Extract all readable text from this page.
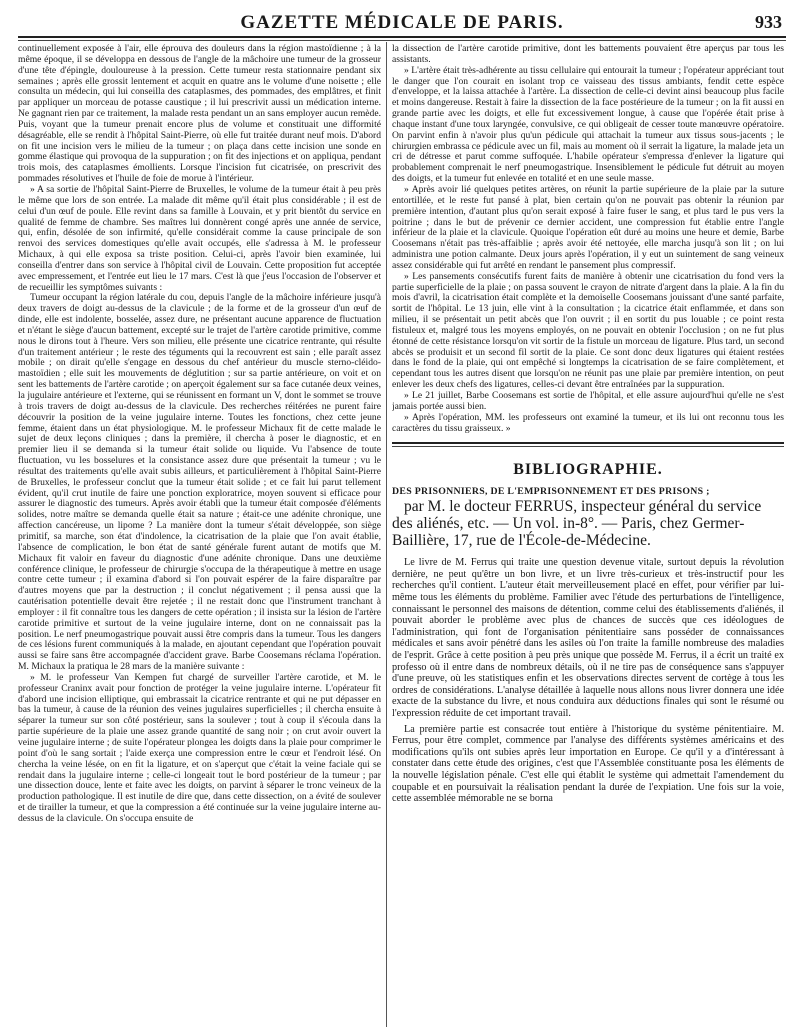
GAZETTE MÉDICALE DE PARIS.	933

continuellement exposée à l'air, elle éprouva des douleurs dans la région mastoïdienne ; à la même époque, il se développa en dessous de l'angle de la mâchoire une tumeur de la grosseur d'une tête d'épingle, douloureuse à la pression. Cette tumeur resta stationnaire pendant six semaines ; après elle grossit lentement et acquit en quatre ans le volume d'une noisette ; elle consulta un médecin, qui lui conseilla des cataplasmes, des pommades, des emplâtres, et finit par appliquer un morceau de potasse caustique ; il lui prescrivit aussi un médication interne. Ne gagnant rien par ce traitement, la malade resta pendant un an sans employer aucun remède. Puis, voyant que la tumeur prenait encore plus de volume et constituait une difformité désagréable, elle se rendit à l'hôpital Saint-Pierre, où elle fut traitée durant neuf mois. D'abord on fit une incision vers le milieu de la tumeur ; on plaça dans cette incision une sonde en gomme élastique qui provoqua de la suppuration ; on fit des injections et on appliqua, pendant trois mois, des cataplasmes émollients. Lorsque l'incision fut cicatrisée, on prescrivit des pommades résolutives et l'huile de foie de morue à l'intérieur.

» A sa sortie de l'hôpital Saint-Pierre de Bruxelles, le volume de la tumeur était à peu près le même que lors de son entrée. La malade dit même qu'il était plus considérable ; il est de celui d'un œuf de poule. Elle revint dans sa famille à Louvain, et y prit bientôt du service en qualité de femme de chambre. Ses maîtres lui donnèrent congé après une année de service, qui, enfin, désolée de son infirmité, qu'elle considérait comme la cause principale de son renvoi des services domestiques qu'elle avait occupés, elle s'adressa à M. le professeur Michaux, à qui elle exposa sa triste position. Celui-ci, après l'avoir bien examinée, lui conseilla d'entrer dans son service à l'hôpital civil de Louvain. Cette proposition fut acceptée avec empressement, et l'entrée eut lieu le 17 mars. C'est là que j'eus l'occasion de l'observer et de recueillir les symptômes suivants :

Tumeur occupant la région latérale du cou, depuis l'angle de la mâchoire inférieure jusqu'à deux travers de doigt au-dessus de la clavicule ; de la forme et de la grosseur d'un œuf de dinde, elle est indolente, bosselée, assez dure, ne présentant aucune apparence de fluctuation et n'étant le siège d'aucun battement, excepté sur le trajet de l'artère carotide primitive, comme nous le dirons tout à l'heure. Vers son milieu, elle présente une cicatrice rentrante, qui résulte d'un traitement antérieur ; le reste des téguments qui la recouvrent est sain ; elle paraît assez mobile ; on dirait qu'elle s'engage en dessous du chef antérieur du muscle sterno-cléido-mastoïdien ; elle suit les mouvements de déglutition ; sur sa partie antérieure, on voit et on sent les battements de l'artère carotide ; on aperçoit également sur sa face cutanée deux veines, la jugulaire antérieure et l'externe, qui se réunissent en formant un V, dont le sommet se trouve à trois travers de doigt au-dessus de la clavicule. Des recherches réitérées ne purent faire découvrir la position de la veine jugulaire interne. Toutes les fonctions, chez cette jeune femme, étaient dans un état physiologique. M. le professeur Michaux fit de cette malade le sujet de deux leçons cliniques ; dans la première, il chercha à poser le diagnostic, et en premier lieu il se demanda si la tumeur était solide ou liquide. Vu l'absence de toute fluctuation, vu les bosselures et la consistance assez dure que présentait la tumeur ; vu le résultat des traitements qu'elle avait subis ailleurs, et particulièrement à l'hôpital Saint-Pierre de Bruxelles, le professeur conclut que la tumeur était solide ; et ce fait lui parut tellement évident, qu'il crut inutile de faire une ponction exploratrice, moyen souvent si efficace pour assurer le diagnostic des tumeurs. Après avoir établi que la tumeur était composée d'éléments solides, notre maître se demanda quelle était sa nature ; était-ce une adénite chronique, une affection cancéreuse, un lipome ? La manière dont la tumeur s'était développée, son siège primitif, sa marche, son état d'indolence, la cicatrisation de la plaie que l'on avait établie, l'absence de complication, le bon état de santé générale furent autant de motifs que M. Michaux fit valoir en faveur du diagnostic d'une adénite chronique. Dans une deuxième conférence clinique, le professeur de chirurgie s'occupa de la thérapeutique à mettre en usage contre cette tumeur ; il examina d'abord si l'on pouvait espérer de la faire disparaître par d'autres moyens que par la destruction ; il conclut négativement ; il pensa aussi que la cautérisation potentielle devait être rejetée ; il ne restait donc que l'instrument tranchant à employer : il fit connaître tous les dangers de cette opération ; il insista sur la lésion de l'artère carotide primitive et surtout de la veine jugulaire interne, dont on ne connaissait pas la position. Le nerf pneumogastrique pouvait aussi être compris dans la tumeur. Tous les dangers de ces lésions furent communiqués à la malade, en ajoutant cependant que l'opération pouvait aussi se faire sans être accompagnée d'accident grave. Barbe Coosemans réclama l'opération. M. Michaux la pratiqua le 28 mars de la manière suivante :

» M. le professeur Van Kempen fut chargé de surveiller l'artère carotide, et M. le professeur Craninx avait pour fonction de protéger la veine jugulaire interne. L'opérateur fit d'abord une incision elliptique, qui embrassait la cicatrice rentrante et qui ne put dépasser en bas la tumeur, à cause de la réunion des veines jugulaires superficielles ; il chercha ensuite à séparer la tumeur sur son côté postérieur, sans la soulever ; tout à coup il s'écoula dans la partie supérieure de la plaie une assez grande quantité de sang noir ; on crut avoir ouvert la veine jugulaire interne ; de suite l'opérateur plongea les doigts dans la plaie pour comprimer le point d'où le sang sortait ; l'aide exerça une compression entre le cœur et l'endroit lésé. On chercha la veine lésée, on en fit la ligature, et on s'aperçut que c'était la veine faciale qui se rendait dans la jugulaire interne ; celle-ci longeait tout le bord postérieur de la tumeur ; par une dissection douce, lente et faite avec les doigts, on parvint à séparer le tronc veineux de la production pathologique. Il est inutile de dire que, dans cette dissection, on a évité de soulever et de tirailler la tumeur, et que la compression a été continuée sur la veine jugulaire interne au-dessus de la clavicule. On s'occupa ensuite de

la dissection de l'artère carotide primitive, dont les battements pouvaient être aperçus par tous les assistants.

» L'artère était très-adhérente au tissu cellulaire qui entourait la tumeur ; l'opérateur appréciant tout le danger que l'on courait en isolant trop ce vaisseau des tissus ambiants, fendit cette espèce d'enveloppe, et la laissa attachée à l'artère. La dissection de celle-ci devint ainsi beaucoup plus facile et moins dangereuse. Restait à faire la dissection de la face postérieure de la tumeur ; on la fit aussi en grande partie avec les doigts, et elle fut excessivement longue, à cause que l'opérée était prise à chaque instant d'une toux laryngée, convulsive, ce qui obligeait de cesser toute manœuvre opératoire. On parvint enfin à n'avoir plus qu'un pédicule qui attachait la tumeur aux tissus sous-jacents ; le chirurgien embrassa ce pédicule avec un fil, mais au moment où il serrait la ligature, la malade jeta un cri de détresse et parut comme suffoquée. L'habile opérateur s'empressa d'enlever la ligature qui probablement comprenait le nerf pneumogastrique. Insensiblement le pédicule fut détruit au moyen des doigts, et la tumeur fut enlevée en totalité et en une seule masse.

» Après avoir lié quelques petites artères, on réunit la partie supérieure de la plaie par la suture entortillée, et le reste fut pansé à plat, bien certain qu'on ne pouvait pas obtenir la réunion par première intention, d'autant plus qu'on serait exposé à faire fuser le sang, et plus tard le pus vers la poitrine ; dans le but de prévenir ce dernier accident, une compression fut établie entre l'angle inférieur de la plaie et la clavicule. Quoique l'opération eût duré au moins une heure et demie, Barbe Coosemans n'était pas très-affaiblie ; après avoir été nettoyée, elle marcha jusqu'à son lit ; on lui administra une potion calmante. Deux jours après l'opération, il y eut un suintement de sang veineux assez considérable qui fut arrêté en rendant le pansement plus compressif.

» Les pansements consécutifs furent faits de manière à obtenir une cicatrisation du fond vers la partie superficielle de la plaie ; on passa souvent le crayon de nitrate d'argent dans la plaie. A la fin du mois d'avril, la cicatrisation était complète et la demoiselle Coosemans jouissant d'une santé parfaite, sortit de l'hôpital. Le 13 juin, elle vint à la consultation ; la cicatrice était enflammée, et dans son milieu, il se présentait un petit abcès que l'on ouvrit ; il en sortit du pus louable ; ce point resta fistuleux et, malgré tous les moyens employés, on ne pouvait en obtenir l'occlusion ; on ne fut plus étonné de cette résistance lorsqu'on vit sortir de la fistule un morceau de ligature. Plus tard, un second abcès se produisit et un second fil sortit de la plaie. Ce sont donc deux ligatures qui étaient restées dans le fond de la plaie, qui ont empêché si longtemps la cicatrisation de se faire complètement, et cependant tous les autres disent que lorsqu'on ne réunit pas une plaie par première intention, on peut enlever les deux chefs des ligatures, celles-ci devant être entraînées par la suppuration.

» Le 21 juillet, Barbe Coosemans est sortie de l'hôpital, et elle assure aujourd'hui qu'elle ne s'est jamais portée aussi bien.

» Après l'opération, MM. les professeurs ont examiné la tumeur, et ils lui ont reconnu tous les caractères du tissu graisseux. »

BIBLIOGRAPHIE.

DES PRISONNIERS, DE L'EMPRISONNEMENT ET DES PRISONS ;

par M. le docteur FERRUS, inspecteur général du service des aliénés, etc. — Un vol. in-8°. — Paris, chez Germer-Baillière, 17, rue de l'École-de-Médecine.

Le livre de M. Ferrus qui traite une question devenue vitale, surtout depuis la révolution dernière, ne peut qu'être un bon livre, et un livre très-curieux et très-instructif pour les recherches qu'il contient. L'auteur était merveilleusement placé en effet, pour vérifier par lui-même tous les éléments du problème. Familier avec l'étude des perturbations de l'intelligence, connaissant le personnel des maisons de détention, comme celui des établissements d'aliénés, il pouvait aborder le problème avec plus de chances de succès que ces idéologues de l'administration, qui font de l'organisation pénitentiaire sans posséder de connaissances médicales et sans avoir pénétré dans les asiles où l'on traite la famille nombreuse des maladies de l'esprit. Grâce à cette position à peu près unique que possède M. Ferrus, il a écrit un traité ex professo où il entre dans de nombreux détails, où il ne tire pas de conséquence sans s'appuyer d'une preuve, où les statistiques enfin et les observations directes servent de cortège à tous les ordres de considérations. L'analyse détaillée à laquelle nous allons nous livrer donnera une idée exacte de la substance du livre, et nous conduira aux déductions finales qui sont le résumé ou l'expression réduite de cet important travail.

La première partie est consacrée tout entière à l'historique du système pénitentiaire. M. Ferrus, pour être complet, commence par l'analyse des différents systèmes américains et des modifications qu'ils ont subies après leur importation en Europe. Ce qu'il y a d'intéressant à constater dans cette étude des origines, c'est que l'Assemblée constituante posa les éléments de la nouvelle législation pénale. C'est elle qui établit le système qui admettait l'amendement du coupable et en poursuivait la réalisation pendant la durée de l'expiation. Une fois sur la voie, cette assemblée mémorable ne se borna
